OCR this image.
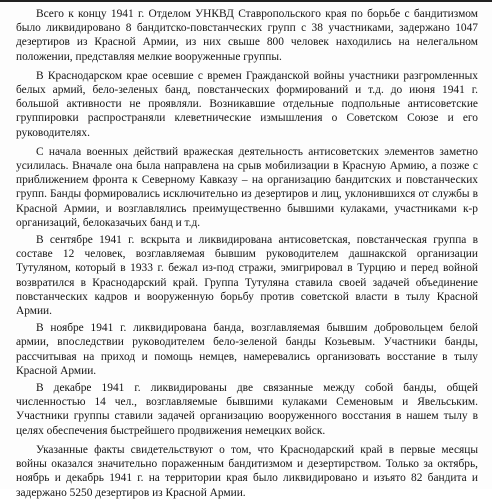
Всего к концу 1941 г. Отделом УНКВД Ставропольского края по борьбе с бандитизмом было ликвидировано 8 бандитско-повстанческих групп с 38 участниками, задержано 1047 дезертиров из Красной Армии, из них свыше 800 человек находились на нелегальном положении, представляя мелкие вооруженные группы.

В Краснодарском крае осевшие с времен Гражданской войны участники разгромленных белых армий, бело-зеленых банд, повстанческих формирований и т.д. до июня 1941 г. большой активности не проявляли. Возникавшие отдельные подпольные антисоветские группировки распространяли клеветнические измышления о Советском Союзе и его руководителях.

С начала военных действий вражеская деятельность антисоветских элементов заметно усилилась. Вначале она была направлена на срыв мобилизации в Красную Армию, а позже с приближением фронта к Северному Кавказу – на организацию бандитских и повстанческих групп. Банды формировались исключительно из дезертиров и лиц, уклонившихся от службы в Красной Армии, и возглавлялись преимущественно бывшими кулаками, участниками к-р организаций, белоказачьих банд и т.д.

В сентябре 1941 г. вскрыта и ликвидирована антисоветская, повстанческая группа в составе 12 человек, возглавляемая бывшим руководителем дашнакской организации Тутуляном, который в 1933 г. бежал из-под стражи, эмигрировал в Турцию и перед войной возвратился в Краснодарский край. Группа Тутуляна ставила своей задачей объединение повстанческих кадров и вооруженную борьбу против советской власти в тылу Красной Армии.

В ноябре 1941 г. ликвидирована банда, возглавляемая бывшим добровольцем белой армии, впоследствии руководителем бело-зеленой банды Козьевым. Участники банды, рассчитывая на приход и помощь немцев, намеревались организовать восстание в тылу Красной Армии.

В декабре 1941 г. ликвидированы две связанные между собой банды, общей численностью 14 чел., возглавляемые бывшими кулаками Семеновым и Явельським. Участники группы ставили задачей организацию вооруженного восстания в нашем тылу в целях обеспечения быстрейшего продвижения немецких войск.

Указанные факты свидетельствуют о том, что Краснодарский край в первые месяцы войны оказался значительно пораженным бандитизмом и дезертирством. Только за октябрь, ноябрь и декабрь 1941 г. на территории края было ликвидировано и изъято 82 бандита и задержано 5250 дезертиров из Красной Армии.
